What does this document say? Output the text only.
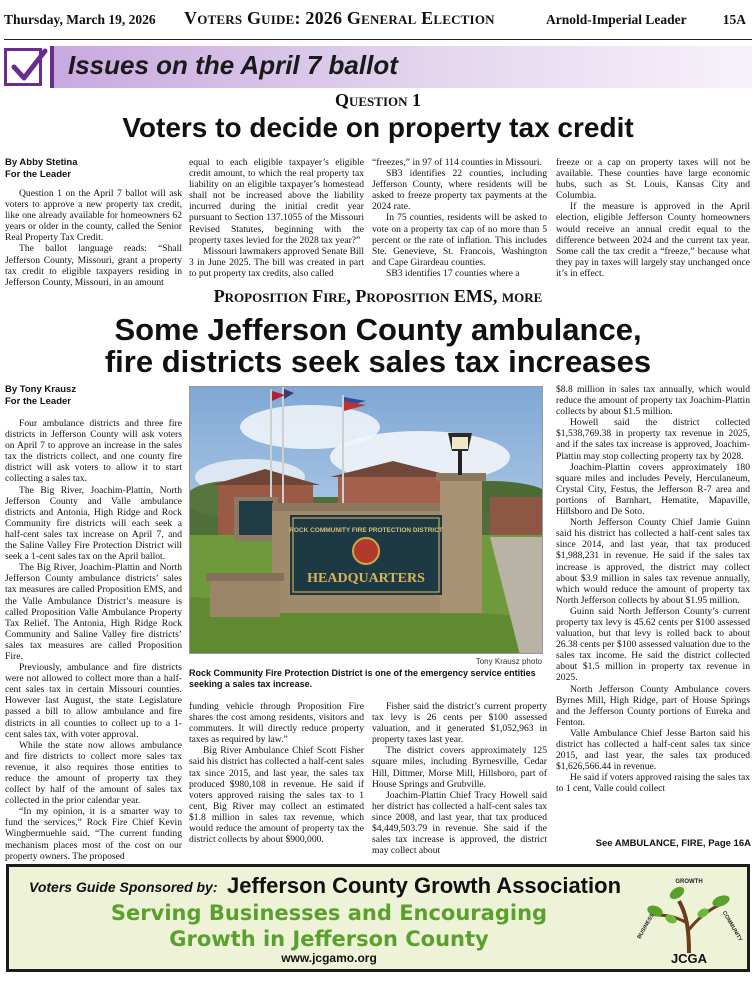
Thursday, March 19, 2026 Voters Guide: 2026 General Election	Arnold-Imperial Leader	15A
Issues on the April 7 ballot
Question 1
Voters to decide on property tax credit
By Abby Stetina
For the Leader

Question 1 on the April 7 ballot will ask voters to approve a new property tax credit, like one already available for homeowners 62 years or older in the county, called the Senior Real Property Tax Credit.

The ballot language reads: “Shall Jefferson County, Missouri, grant a property tax credit to eligible taxpayers residing in Jefferson County, Missouri, in an amount

equal to each eligible taxpayer’s eligible credit amount, to which the real property tax liability on an eligible taxpayer’s homestead shall not be increased above the liability incurred during the initial credit year pursuant to Section 137.1055 of the Missouri Revised Statutes, beginning with the property taxes levied for the 2028 tax year?”

Missouri lawmakers approved Senate Bill 3 in June 2025. The bill was created in part to put property tax credits, also called

“freezes,” in 97 of 114 counties in Missouri.

SB3 identifies 22 counties, including Jefferson County, where residents will be asked to freeze property tax payments at the 2024 rate.

In 75 counties, residents will be asked to vote on a property tax cap of no more than 5 percent or the rate of inflation. This includes Ste. Genevieve, St. Francois, Washington and Cape Girardeau counties.

SB3 identifies 17 counties where a

freeze or a cap on property taxes will not be available. These counties have large economic hubs, such as St. Louis, Kansas City and Columbia.

If the measure is approved in the April election, eligible Jefferson County homeowners would receive an annual credit equal to the difference between 2024 and the current tax year. Some call the tax credit a “freeze,” because what they pay in taxes will largely stay unchanged once it’s in effect.

Proposition Fire, Proposition EMS, more
Some Jefferson County ambulance,
fire districts seek sales tax increases
By Tony Krausz
For the Leader

Four ambulance districts and three fire districts in Jefferson County will ask voters on April 7 to approve an increase in the sales tax the districts collect, and one county fire district will ask voters to allow it to start collecting a sales tax.

The Big River, Joachim-Plattin, North Jefferson County and Valle ambulance districts and Antonia, High Ridge and Rock Community fire districts will each seek a half-cent sales tax increase on April 7, and the Saline Valley Fire Protection District will seek a 1-cent sales tax on the April ballot.

The Big River, Joachim-Plattin and North Jefferson County ambulance districts’ sales tax measures are called Proposition EMS, and the Valle Ambulance District’s measure is called Proposition Valle Ambulance Property Tax Relief. The Antonia, High Ridge Rock Community and Saline Valley fire districts’ sales tax measures are called Proposition Fire.

Previously, ambulance and fire districts were not allowed to collect more than a half-cent sales tax in certain Missouri counties. However last August, the state Legislature passed a bill to allow ambulance and fire districts in all counties to collect up to a 1-cent sales tax, with voter approval.

While the state now allows ambulance and fire districts to collect more sales tax revenue, it also requires those entities to reduce the amount of property tax they collect by half of the amount of sales tax collected in the prior calendar year.

“In my opinion, it is a smarter way to fund the services,” Rock Fire Chief Kevin Wingbermuehle said. “The current funding mechanism places most of the cost on our property owners. The proposed

ROCK COMMUNITY FIRE PROTECTION DISTRICT
HEADQUARTERS
Tony Krausz photo
Rock Community Fire Protection District is one of the emergency service entities seeking a sales tax increase.

funding vehicle through Proposition Fire shares the cost among residents, visitors and commuters. It will directly reduce property taxes as required by law.”

Big River Ambulance Chief Scott Fisher said his district has collected a half-cent sales tax since 2015, and last year, the sales tax produced $980,108 in revenue. He said if voters approved raising the sales tax to 1 cent, Big River may collect an estimated $1.8 million in sales tax revenue, which would reduce the amount of property tax the district collects by about $900,000.

Fisher said the district’s current property tax levy is 26 cents per $100 assessed valuation, and it generated $1,052,963 in property taxes last year.

The district covers approximately 125 square miles, including Byrnesville, Cedar Hill, Dittmer, Morse Mill, Hillsboro, part of House Springs and Grubville.

Joachim-Plattin Chief Tracy Howell said her district has collected a half-cent sales tax since 2008, and last year, that tax produced $4,449,503.79 in revenue. She said if the sales tax increase is approved, the district may collect about

$8.8 million in sales tax annually, which would reduce the amount of property tax Joachim-Plattin collects by about $1.5 million.

Howell said the district collected $1,538,769.38 in property tax revenue in 2025, and if the sales tax increase is approved, Joachim-Plattin may stop collecting property tax by 2028.

Joachim-Plattin covers approximately 180 square miles and includes Pevely, Herculaneum, Crystal City, Festus, the Jefferson R-7 area and portions of Barnhart, Hematite, Mapaville, Hillsboro and De Soto.

North Jefferson County Chief Jamie Guinn said his district has collected a half-cent sales tax since 2014, and last year, that tax produced $1,988,231 in revenue. He said if the sales tax increase is approved, the district may collect about $3.9 million in sales tax revenue annually, which would reduce the amount of property tax North Jefferson collects by about $1.95 million.

Guinn said North Jefferson County’s current property tax levy is 45.62 cents per $100 assessed valuation, but that levy is rolled back to about 26.38 cents per $100 assessed valuation due to the sales tax income. He said the district collected about $1.5 million in property tax revenue in 2025.

North Jefferson County Ambulance covers Byrnes Mill, High Ridge, part of House Springs and the Jefferson County portions of Eureka and Fenton.

Valle Ambulance Chief Jesse Barton said his district has collected a half-cent sales tax since 2015, and last year, the sales tax produced $1,626,566.44 in revenue.

He said if voters approved raising the sales tax to 1 cent, Valle could collect

See AMBULANCE, FIRE, Page 16A
Voters Guide Sponsored by: Jefferson County Growth Association
Serving Businesses and Encouraging
Growth in Jefferson County
www.jcgamo.org
GROWTH
BUSINESS	COMMUNITY
JCGA
